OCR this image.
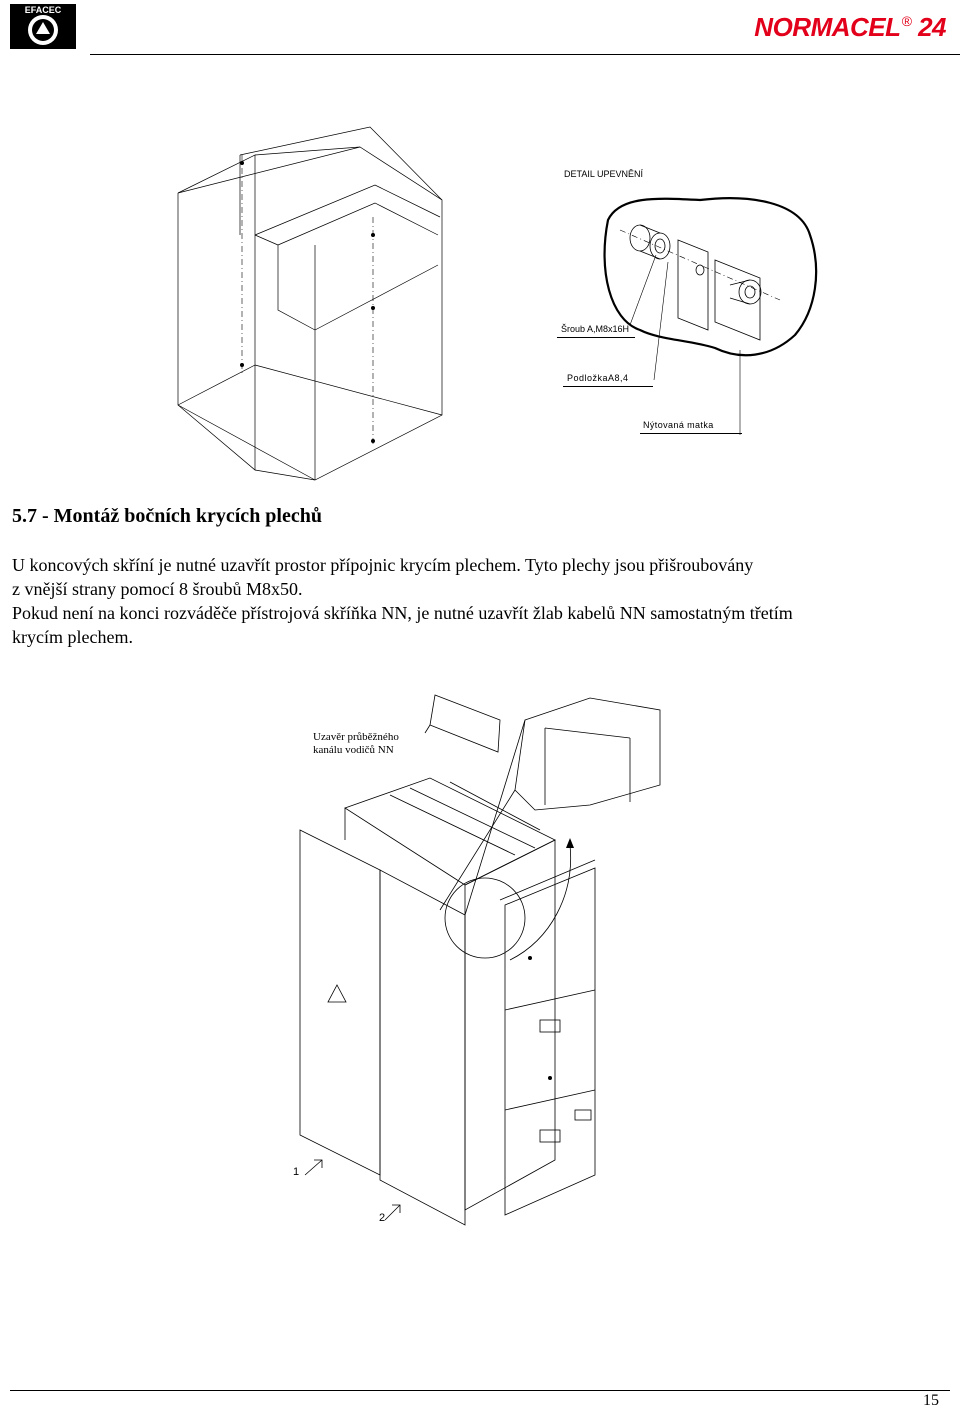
EFACEC
NORMACEL® 24
DETAIL UPEVNĚNÍ
Šroub A,M8x16H
PodložkaA8,4
Nýtovaná matka
5.7 - Montáž bočních krycích plechů
U koncových skříní je nutné uzavřít prostor přípojnic krycím plechem. Tyto plechy jsou přišroubovány
z vnější strany pomocí 8 šroubů M8x50.
Pokud není na konci rozváděče přístrojová skříňka NN, je nutné uzavřít žlab kabelů NN samostatným třetím
krycím plechem.
Uzavěr průběžného
kanálu vodičů NN
1
2
15
